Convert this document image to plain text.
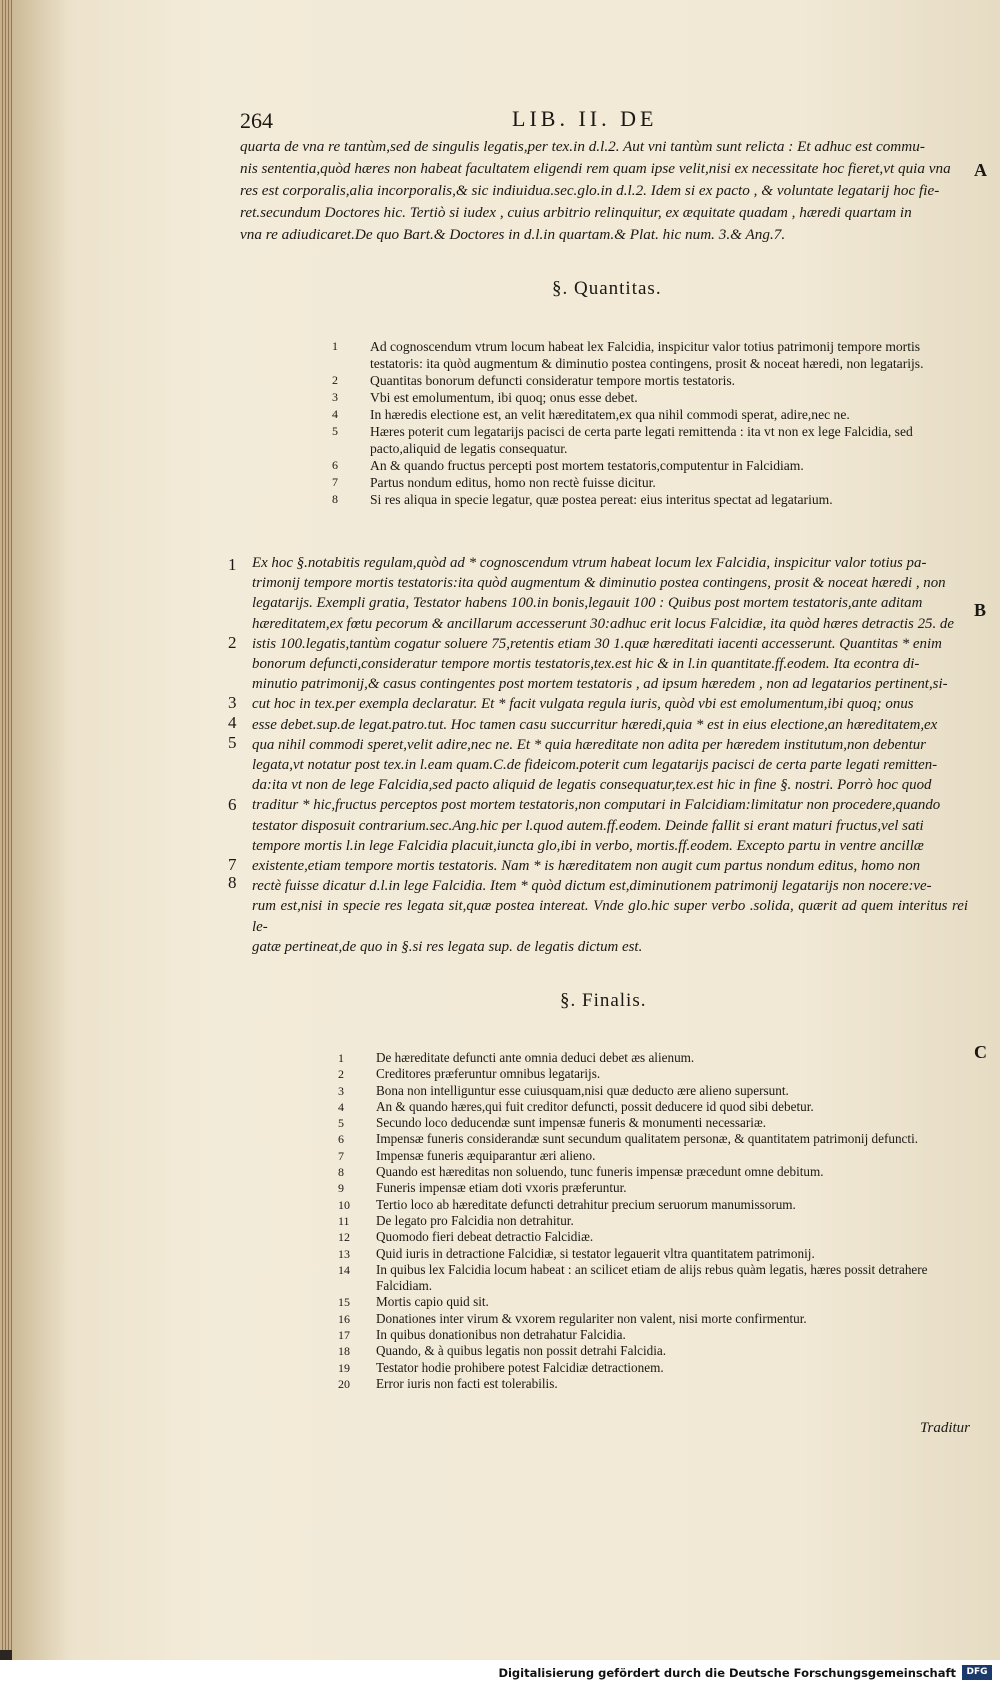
264	LIB. II. DE
A
B
C

quarta de vna re tantùm,sed de singulis legatis,per tex.in d.l.2. Aut vni tantùm sunt relicta : Et adhuc est commu-

nis sententia,quòd hæres non habeat facultatem eligendi rem quam ipse velit,nisi ex necessitate hoc fieret,vt quia vna

res est corporalis,alia incorporalis,& sic indiuidua.sec.glo.in d.l.2. Idem si ex pacto , & voluntate legatarij hoc fie-

ret.secundum Doctores hic. Tertiò si iudex , cuius arbitrio relinquitur, ex æquitate quadam , hæredi quartam in

vna re adiudicaret.De quo Bart.& Doctores in d.l.in quartam.& Plat. hic num. 3.& Ang.7.

§. Quantitas.
1	Ad cognoscendum vtrum locum habeat lex Falcidia, inspicitur valor totius patrimonij tempore mortis testatoris: ita quòd augmentum & diminutio postea contingens, prosit & noceat hæredi, non legatarijs.
2	Quantitas bonorum defuncti consideratur tempore mortis testatoris.
3	Vbi est emolumentum, ibi quoq; onus esse debet.
4	In hæredis electione est, an velit hæreditatem,ex qua nihil commodi sperat, adire,nec ne.
5	Hæres poterit cum legatarijs pacisci de certa parte legati remittenda : ita vt non ex lege Falcidia, sed pacto,aliquid de legatis consequatur.
6	An & quando fructus percepti post mortem testatoris,computentur in Falcidiam.
7	Partus nondum editus, homo non rectè fuisse dicitur.
8	Si res aliqua in specie legatur, quæ postea pereat: eius interitus spectat ad legatarium.
1
2
3
4
5
6
7
8

Ex hoc §.notabitis regulam,quòd ad * cognoscendum vtrum habeat locum lex Falcidia, inspicitur valor totius pa-

trimonij tempore mortis testatoris:ita quòd augmentum & diminutio postea contingens, prosit & noceat hæredi , non

legatarijs. Exempli gratia, Testator habens 100.in bonis,legauit 100 : Quibus post mortem testatoris,ante aditam

hæreditatem,ex fœtu pecorum & ancillarum accesserunt 30:adhuc erit locus Falcidiæ, ita quòd hæres detractis 25. de

istis 100.legatis,tantùm cogatur soluere 75,retentis etiam 30 1.quæ hæreditati iacenti accesserunt. Quantitas * enim

bonorum defuncti,consideratur tempore mortis testatoris,tex.est hic & in l.in quantitate.ff.eodem. Ita econtra di-

minutio patrimonij,& casus contingentes post mortem testatoris , ad ipsum hæredem , non ad legatarios pertinent,si-

cut hoc in tex.per exempla declaratur. Et * facit vulgata regula iuris, quòd vbi est emolumentum,ibi quoq; onus

esse debet.sup.de legat.patro.tut. Hoc tamen casu succurritur hæredi,quia * est in eius electione,an hæreditatem,ex

qua nihil commodi speret,velit adire,nec ne. Et * quia hæreditate non adita per hæredem institutum,non debentur

legata,vt notatur post tex.in l.eam quam.C.de fideicom.poterit cum legatarijs pacisci de certa parte legati remitten-

da:ita vt non de lege Falcidia,sed pacto aliquid de legatis consequatur,tex.est hic in fine §. nostri. Porrò hoc quod

traditur * hic,fructus perceptos post mortem testatoris,non computari in Falcidiam:limitatur non procedere,quando

testator disposuit contrarium.sec.Ang.hic per l.quod autem.ff.eodem. Deinde fallit si erant maturi fructus,vel sati

tempore mortis l.in lege Falcidia placuit,iuncta glo,ibi in verbo, mortis.ff.eodem. Excepto partu in ventre ancillæ

existente,etiam tempore mortis testatoris. Nam * is hæreditatem non augit cum partus nondum editus, homo non

rectè fuisse dicatur d.l.in lege Falcidia. Item * quòd dictum est,diminutionem patrimonij legatarijs non nocere:ve-

rum est,nisi in specie res legata sit,quæ postea intereat. Vnde glo.hic super verbo .solida, quærit ad quem interitus rei le-

gatæ pertineat,de quo in §.si res legata sup. de legatis dictum est.

§. Finalis.
1	De hæreditate defuncti ante omnia deduci debet æs alienum.
2	Creditores præferuntur omnibus legatarijs.
3	Bona non intelliguntur esse cuiusquam,nisi quæ deducto ære alieno supersunt.
4	An & quando hæres,qui fuit creditor defuncti, possit deducere id quod sibi debetur.
5	Secundo loco deducendæ sunt impensæ funeris & monumenti necessariæ.
6	Impensæ funeris considerandæ sunt secundum qualitatem personæ, & quantitatem patrimonij defuncti.
7	Impensæ funeris æquiparantur æri alieno.
8	Quando est hæreditas non soluendo, tunc funeris impensæ præcedunt omne debitum.
9	Funeris impensæ etiam doti vxoris præferuntur.
10	Tertio loco ab hæreditate defuncti detrahitur precium seruorum manumissorum.
11	De legato pro Falcidia non detrahitur.
12	Quomodo fieri debeat detractio Falcidiæ.
13	Quid iuris in detractione Falcidiæ, si testator legauerit vltra quantitatem patrimonij.
14	In quibus lex Falcidia locum habeat : an scilicet etiam de alijs rebus quàm legatis, hæres possit detrahere Falcidiam.
15	Mortis capio quid sit.
16	Donationes inter virum & vxorem regulariter non valent, nisi morte confirmentur.
17	In quibus donationibus non detrahatur Falcidia.
18	Quando, & à quibus legatis non possit detrahi Falcidia.
19	Testator hodie prohibere potest Falcidiæ detractionem.
20	Error iuris non facti est tolerabilis.
Traditur
Digitalisierung gefördert durch die Deutsche Forschungsgemeinschaft	DFG
